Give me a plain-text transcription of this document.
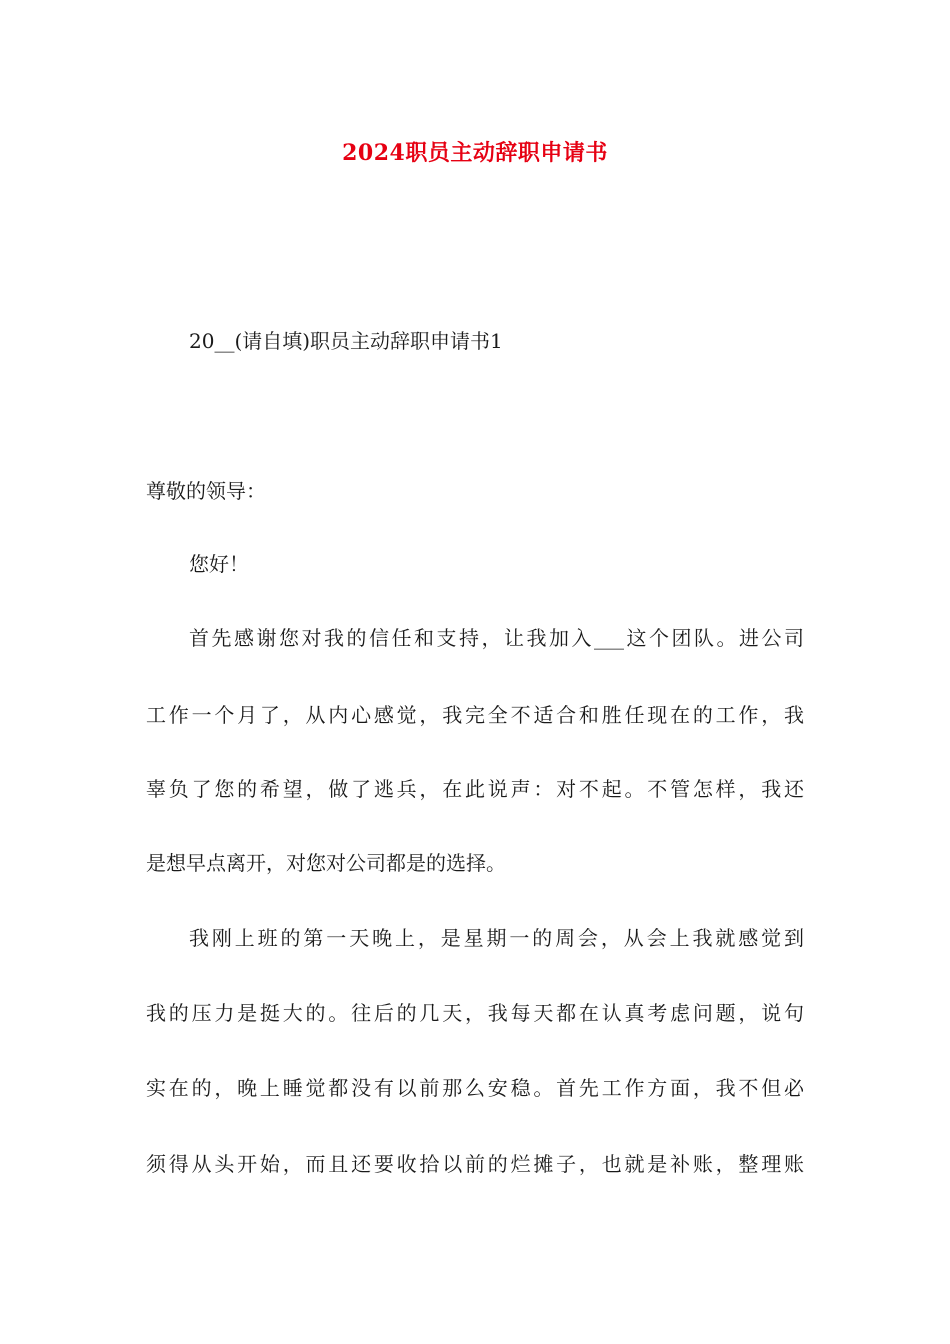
2024职员主动辞职申请书
20__(请自填)职员主动辞职申请书1
尊敬的领导：
您好！
首先感谢您对我的信任和支持，让我加入___这个团队。进公司
工作一个月了，从内心感觉，我完全不适合和胜任现在的工作，我
辜负了您的希望，做了逃兵，在此说声：对不起。不管怎样，我还
是想早点离开，对您对公司都是的选择。
我刚上班的第一天晚上，是星期一的周会，从会上我就感觉到
我的压力是挺大的。往后的几天，我每天都在认真考虑问题，说句
实在的，晚上睡觉都没有以前那么安稳。首先工作方面，我不但必
须得从头开始，而且还要收拾以前的烂摊子，也就是补账，整理账
